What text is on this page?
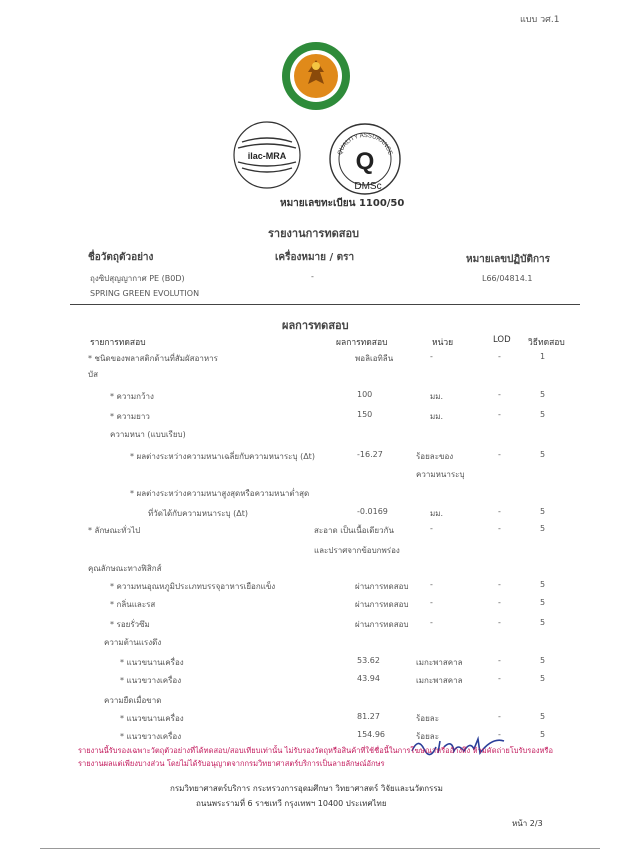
แบบ วศ.1
ilac-MRA	QUALITY ASSURANCE
Q
DMSc
หมายเลขทะเบียน 1100/50
รายงานการทดสอบ
ชื่อวัตถุตัวอย่าง	เครื่องหมาย / ตรา	หมายเลขปฏิบัติการ
ถุงซิปสุญญากาศ PE (B0D)
SPRING GREEN EVOLUTION
-	L66/04814.1
ผลการทดสอบ
รายการทดสอบ	ผลการทดสอบ	หน่วย	LOD วิธีทดสอบ
* ชนิดของพลาสติกด้านที่สัมผัสอาหาร	พอลิเอทิลีน	-	-	1
บัส
* ความกว้าง	100	มม.	-	5
* ความยาว	150	มม.	-	5
ความหนา (แบบเรียบ)
* ผลต่างระหว่างความหนาเฉลี่ยกับความหนาระบุ (Δt)	-16.27	ร้อยละของ	-	5
ความหนาระบุ
* ผลต่างระหว่างความหนาสูงสุดหรือความหนาต่ำสุด
ที่วัดได้กับความหนาระบุ (Δt)	-0.0169	มม.	-	5
* ลักษณะทั่วไป	สะอาด เป็นเนื้อเดียวกัน	-	-	5
และปราศจากข้อบกพร่อง
คุณลักษณะทางฟิสิกส์
* ความทนอุณหภูมิประเภทบรรจุอาหารเยือกแข็ง	ผ่านการทดสอบ	-	-	5
* กลิ่นและรส	ผ่านการทดสอบ	-	-	5
* รอยรั่วซึม	ผ่านการทดสอบ	-	-	5
ความต้านแรงดึง
* แนวขนานเครื่อง	53.62	เมกะพาสคาล	-	5
* แนวขวางเครื่อง	43.94	เมกะพาสคาล	-	5
ความยืดเมื่อขาด
* แนวขนานเครื่อง	81.27	ร้อยละ	-	5
* แนวขวางเครื่อง	154.96	ร้อยละ	-	5
รายงานนี้รับรองเฉพาะวัตถุตัวอย่างที่ได้ทดสอบ/สอบเทียบเท่านั้น ไม่รับรองวัตถุหรือสินค้าที่ใช้ชื่อนี้ในการโฆษณาหรืออ้างถึง ห้ามคัดถ่ายโบรับรองหรือรายงานผลแต่เพียงบางส่วน โดยไม่ได้รับอนุญาตจากกรมวิทยาศาสตร์บริการเป็นลายลักษณ์อักษร
กรมวิทยาศาสตร์บริการ กระทรวงการอุดมศึกษา วิทยาศาสตร์ วิจัยและนวัตกรรม
ถนนพระรามที่ 6 ราชเทวี กรุงเทพฯ 10400 ประเทศไทย
หน้า 2/3
